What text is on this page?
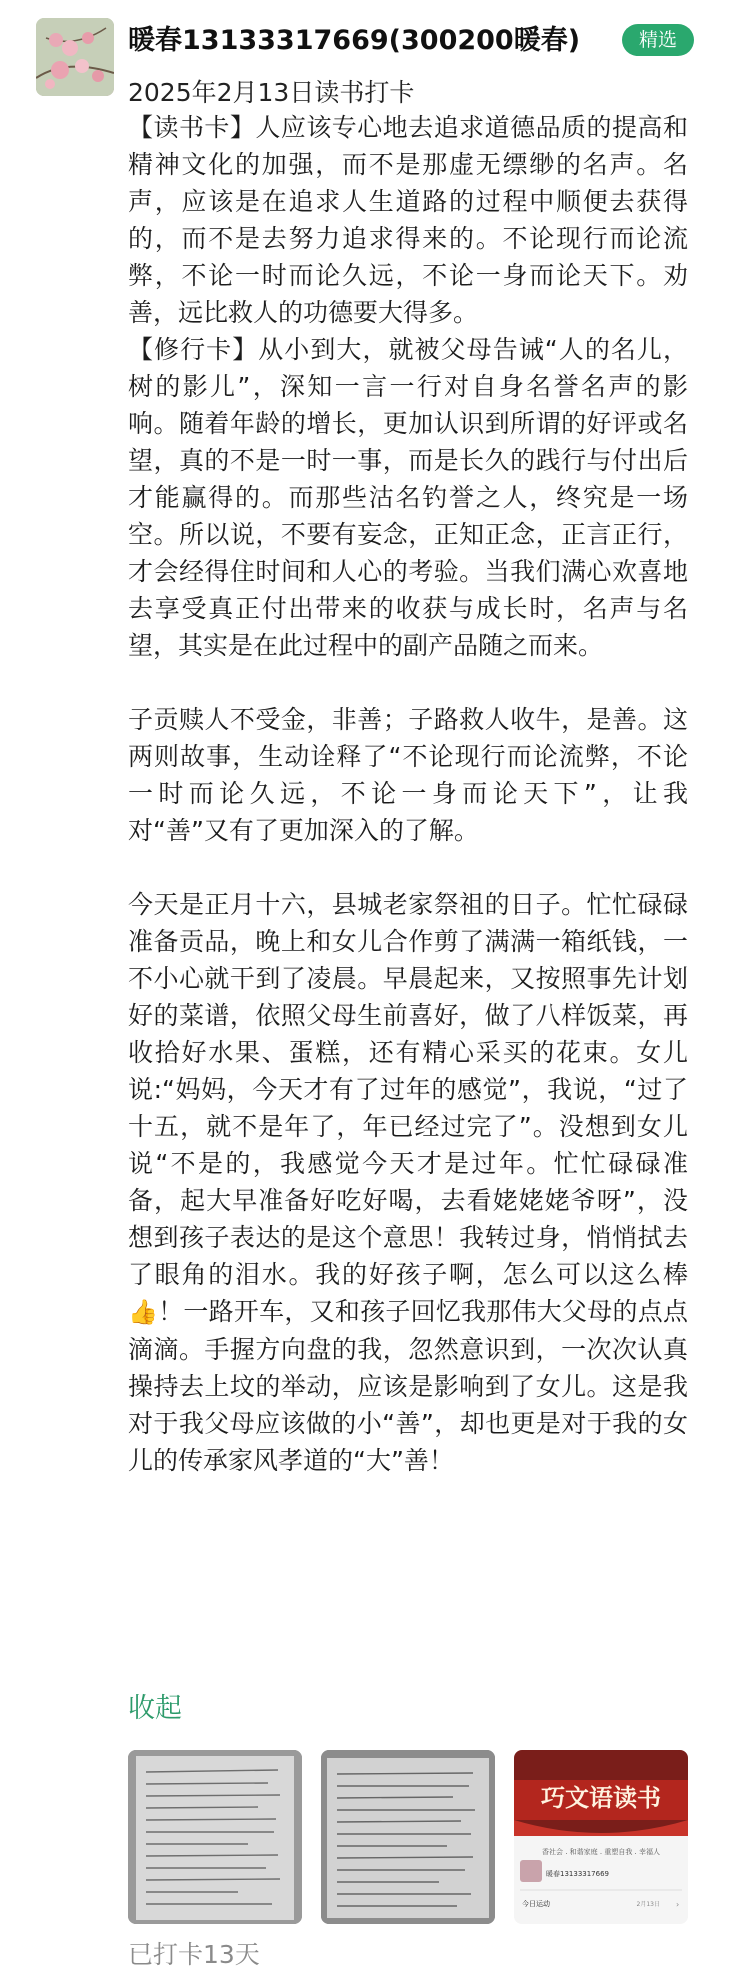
暖春13133317669(300200暖春)	精选
2025年2月13日读书打卡

【读书卡】人应该专心地去追求道德品质的提高和精神文化的加强，而不是那虚无缥缈的名声。名声，应该是在追求人生道路的过程中顺便去获得的，而不是去努力追求得来的。不论现行而论流弊，不论一时而论久远，不论一身而论天下。劝善，远比救人的功德要大得多。

【修行卡】从小到大，就被父母告诫“人的名儿，树的影儿”，深知一言一行对自身名誉名声的影响。随着年龄的增长，更加认识到所谓的好评或名望，真的不是一时一事，而是长久的践行与付出后才能赢得的。而那些沽名钓誉之人，终究是一场空。所以说，不要有妄念，正知正念，正言正行，才会经得住时间和人心的考验。当我们满心欢喜地去享受真正付出带来的收获与成长时，名声与名望，其实是在此过程中的副产品随之而来。

子贡赎人不受金，非善；子路救人收牛，是善。这两则故事，生动诠释了“不论现行而论流弊，不论一时而论久远，不论一身而论天下”，让我对“善”又有了更加深入的了解。

今天是正月十六，县城老家祭祖的日子。忙忙碌碌准备贡品，晚上和女儿合作剪了满满一箱纸钱，一不小心就干到了凌晨。早晨起来，又按照事先计划好的菜谱，依照父母生前喜好，做了八样饭菜，再收拾好水果、蛋糕，还有精心采买的花束。女儿说:“妈妈，今天才有了过年的感觉”，我说，“过了十五，就不是年了，年已经过完了”。没想到女儿说“不是的，我感觉今天才是过年。忙忙碌碌准备，起大早准备好吃好喝，去看姥姥姥爷呀”，没想到孩子表达的是这个意思！我转过身，悄悄拭去了眼角的泪水。我的好孩子啊，怎么可以这么棒👍！一路开车，又和孩子回忆我那伟大父母的点点滴滴。手握方向盘的我，忽然意识到，一次次认真操持去上坟的举动，应该是影响到了女儿。这是我对于我父母应该做的小“善”，却也更是对于我的女儿的传承家风孝道的“大”善！

收起
巧文语读书
香社会 . 和谐家庭 . 重塑自我 . 幸福人
暖春13133317669
今日运动	2月13日 ›
已打卡13天
